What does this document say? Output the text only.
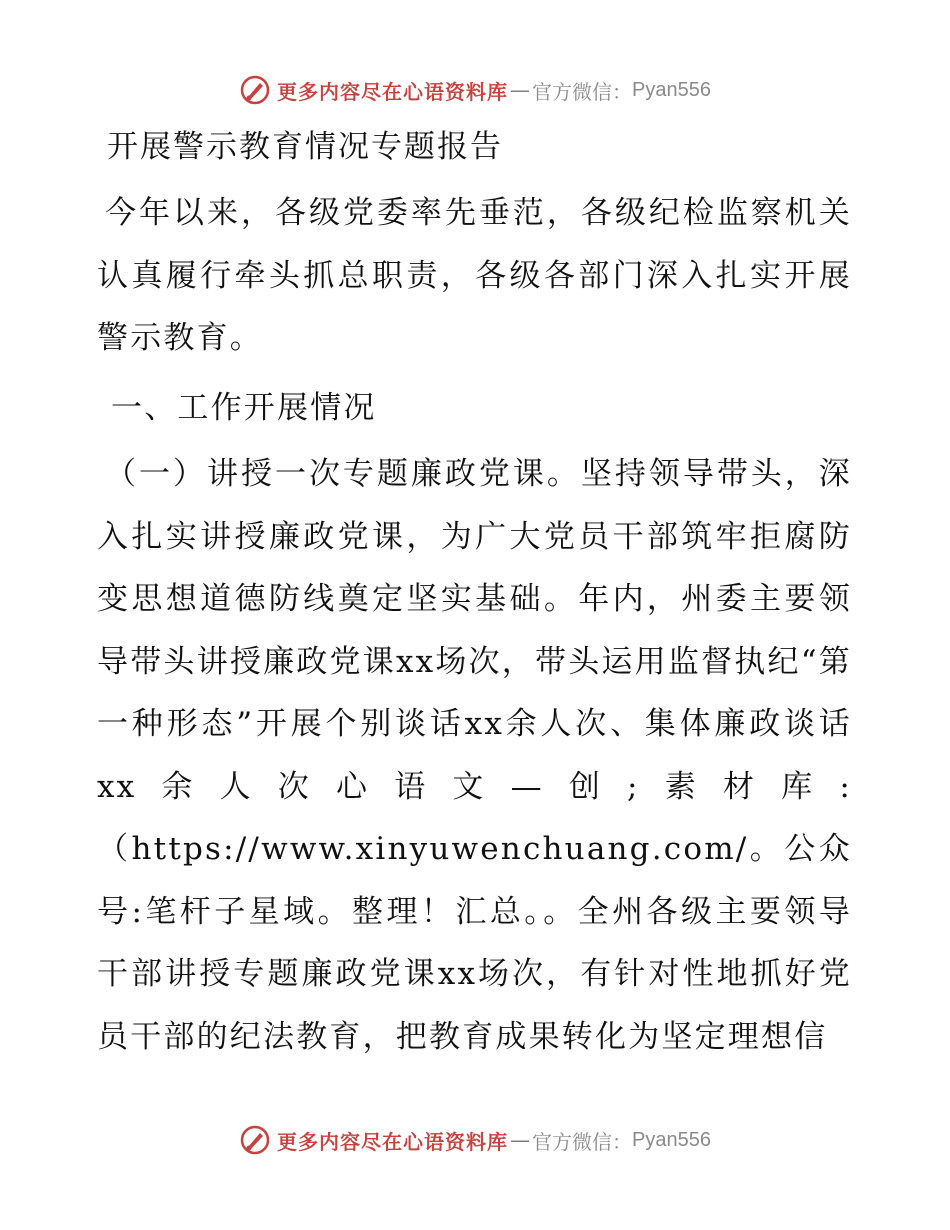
更多内容尽在心语资料库 — 官方微信： Pyan556

开展警示教育情况专题报告

今年以来，各级党委率先垂范，各级纪检监察机关认真履行牵头抓总职责，各级各部门深入扎实开展警示教育。

一、工作开展情况

（一）讲授一次专题廉政党课。坚持领导带头，深入扎实讲授廉政党课，为广大党员干部筑牢拒腐防变思想道德防线奠定坚实基础。年内，州委主要领导带头讲授廉政党课xx场次，带头运用监督执纪“第一种形态”开展个别谈话xx余人次、集体廉政谈话xx余人次心语文—创;素材库:（https://www.xinyuwenchuang.com/。公众号:笔杆子星域。整理！汇总。。全州各级主要领导干部讲授专题廉政党课xx场次，有针对性地抓好党员干部的纪法教育，把教育成果转化为坚定理想信

更多内容尽在心语资料库 — 官方微信： Pyan556
